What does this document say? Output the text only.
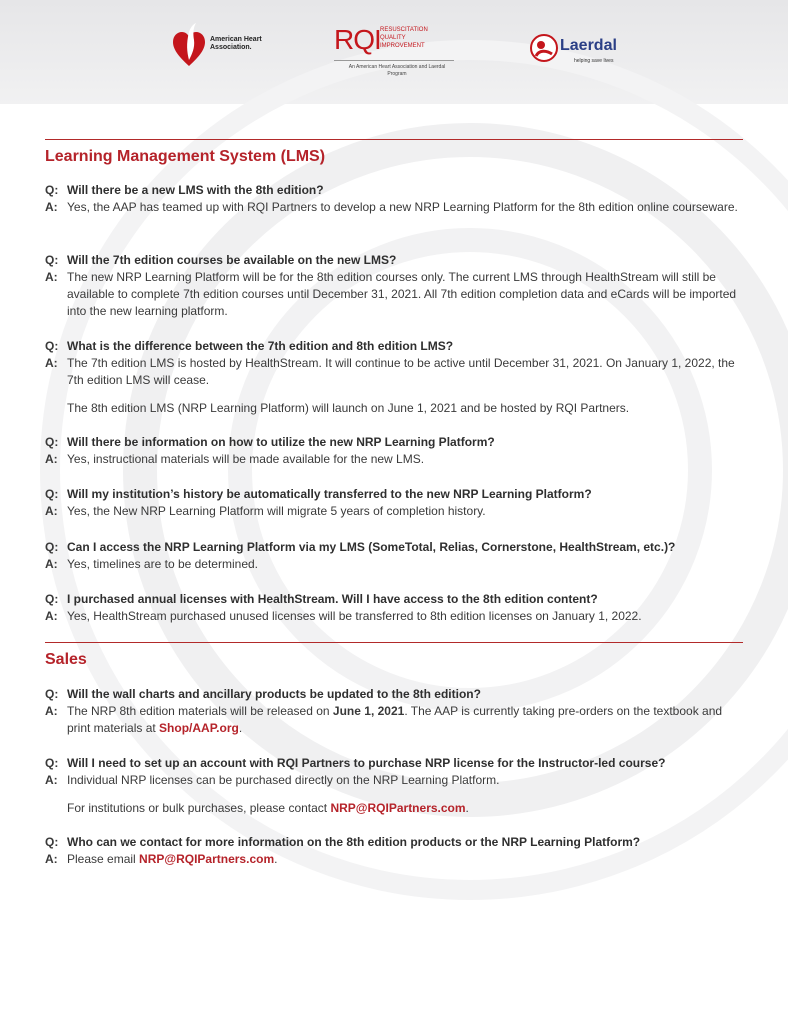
American Heart Association.	RQI RESUSCITATION QUALITY IMPROVEMENT
An American Heart Association and Laerdal Program
Laerdal
helping save lives
Learning Management System (LMS)
Q: Will there be a new LMS with the 8th edition?
A: Yes, the AAP has teamed up with RQI Partners to develop a new NRP Learning Platform for the 8th edition online courseware.
Q: Will the 7th edition courses be available on the new LMS?
A: The new NRP Learning Platform will be for the 8th edition courses only. The current LMS through HealthStream will still be available to complete 7th edition courses until December 31, 2021. All 7th edition completion data and eCards will be imported into the new learning platform.
Q: What is the difference between the 7th edition and 8th edition LMS?
A: The 7th edition LMS is hosted by HealthStream. It will continue to be active until December 31, 2021. On January 1, 2022, the 7th edition LMS will cease.
The 8th edition LMS (NRP Learning Platform) will launch on June 1, 2021 and be hosted by RQI Partners.
Q: Will there be information on how to utilize the new NRP Learning Platform?
A: Yes, instructional materials will be made available for the new LMS.
Q: Will my institution’s history be automatically transferred to the new NRP Learning Platform?
A: Yes, the New NRP Learning Platform will migrate 5 years of completion history.
Q: Can I access the NRP Learning Platform via my LMS (SomeTotal, Relias, Cornerstone, HealthStream, etc.)?
A: Yes, timelines are to be determined.
Q: I purchased annual licenses with HealthStream. Will I have access to the 8th edition content?
A: Yes, HealthStream purchased unused licenses will be transferred to 8th edition licenses on January 1, 2022.
Sales
Q: Will the wall charts and ancillary products be updated to the 8th edition?
A: The NRP 8th edition materials will be released on June 1, 2021. The AAP is currently taking pre-orders on the textbook and print materials at Shop/AAP.org.
Q: Will I need to set up an account with RQI Partners to purchase NRP license for the Instructor-led course?
A: Individual NRP licenses can be purchased directly on the NRP Learning Platform.
For institutions or bulk purchases, please contact NRP@RQIPartners.com.
Q: Who can we contact for more information on the 8th edition products or the NRP Learning Platform?
A: Please email NRP@RQIPartners.com.
